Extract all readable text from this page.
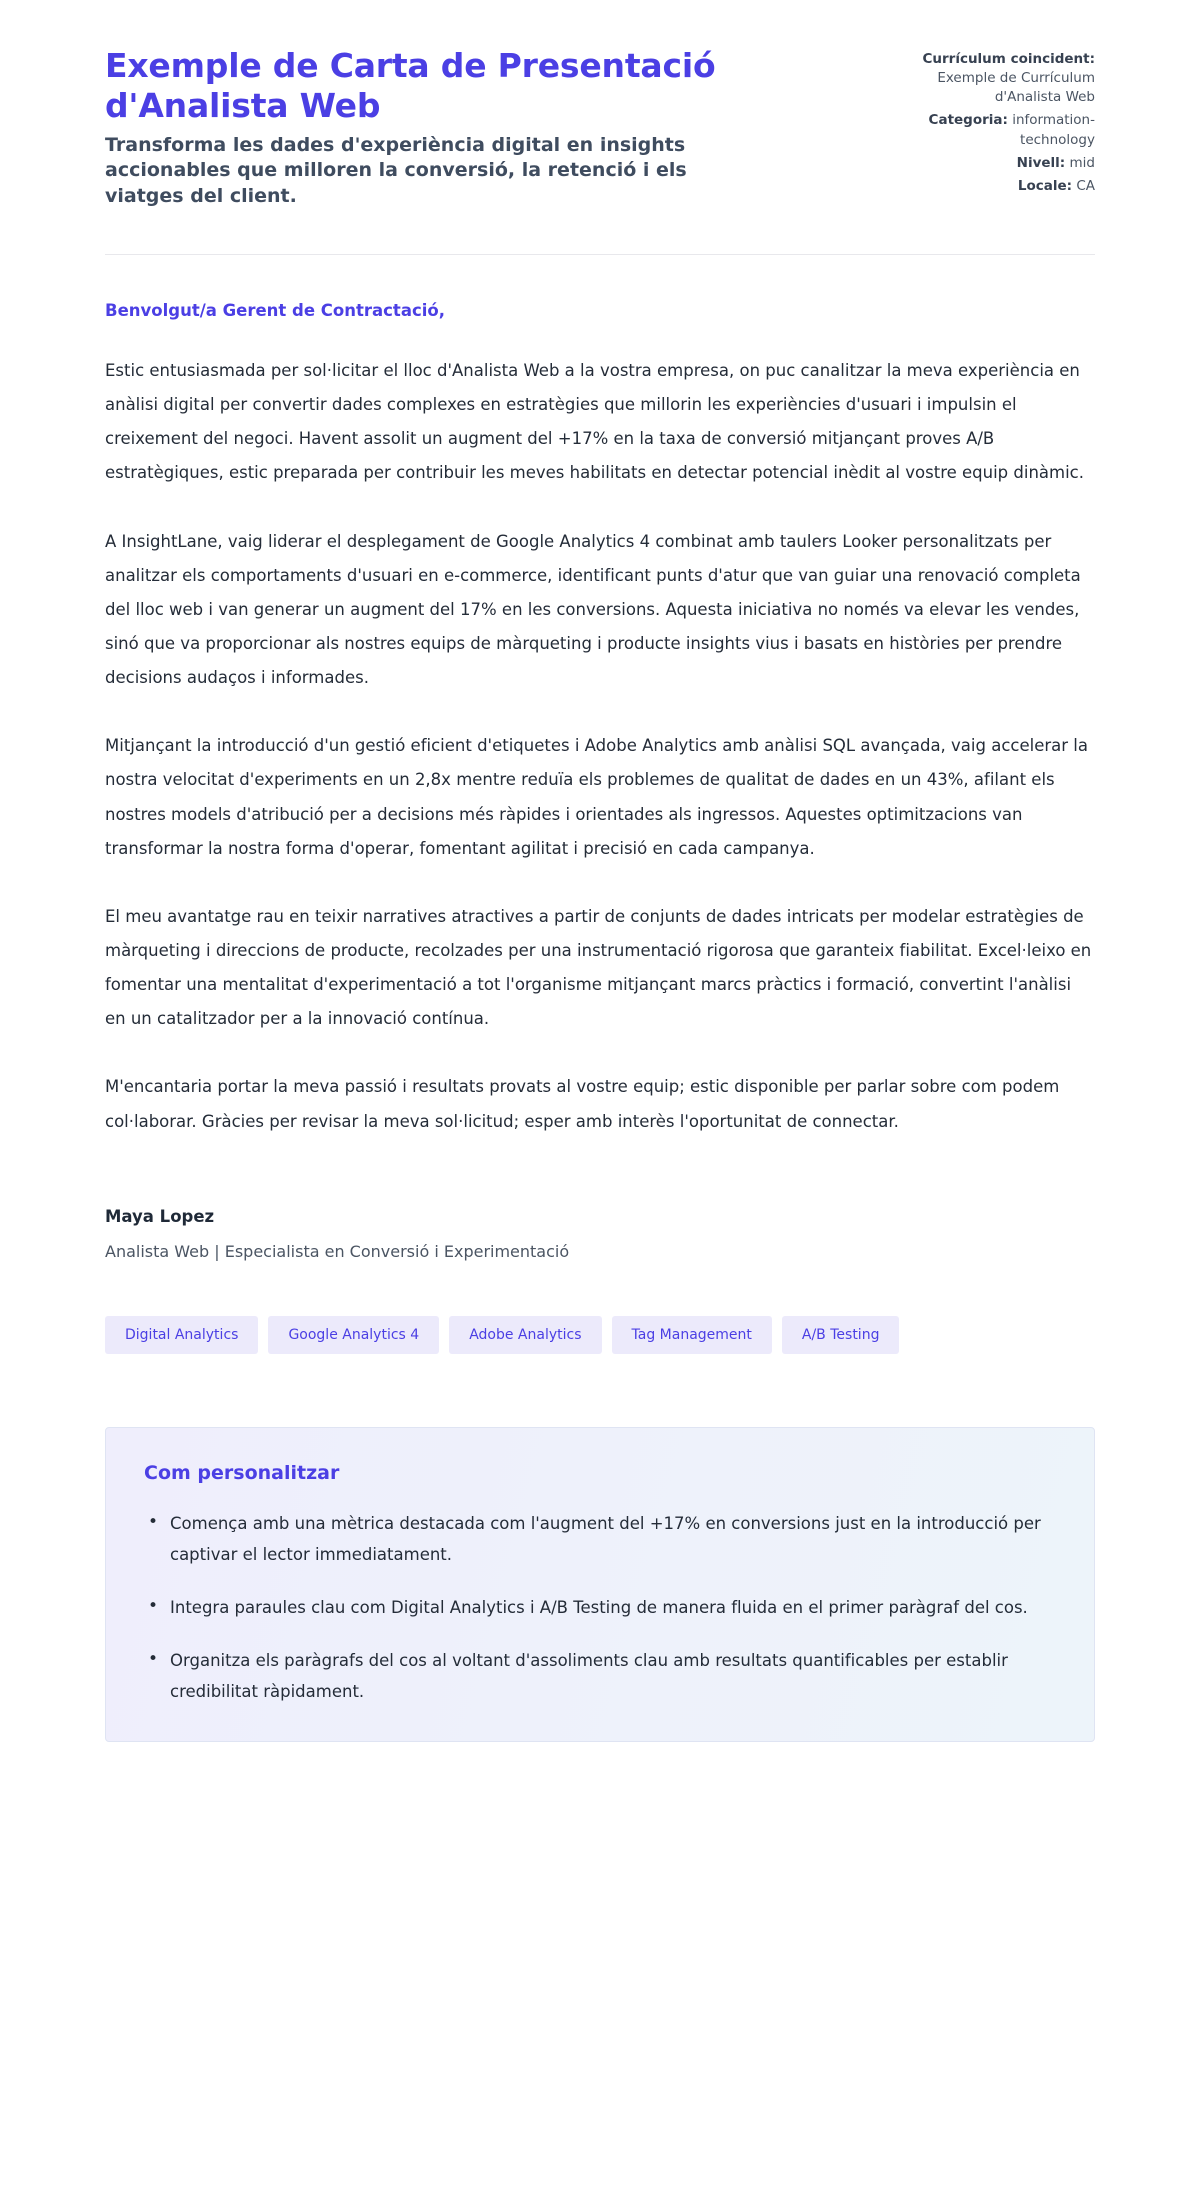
Exemple de Carta de Presentació d'Analista Web

Transforma les dades d'experiència digital en insights accionables que milloren la conversió, la retenció i els viatges del client.

Currículum coincident:
Exemple de Currículum d'Analista Web
Categoria: information-technology
Nivell: mid
Locale: CA

Benvolgut/a Gerent de Contractació,

Estic entusiasmada per sol·licitar el lloc d'Analista Web a la vostra empresa, on puc canalitzar la meva experiència en anàlisi digital per convertir dades complexes en estratègies que millorin les experiències d'usuari i impulsin el creixement del negoci. Havent assolit un augment del +17% en la taxa de conversió mitjançant proves A/B estratègiques, estic preparada per contribuir les meves habilitats en detectar potencial inèdit al vostre equip dinàmic.

A InsightLane, vaig liderar el desplegament de Google Analytics 4 combinat amb taulers Looker personalitzats per analitzar els comportaments d'usuari en e-commerce, identificant punts d'atur que van guiar una renovació completa del lloc web i van generar un augment del 17% en les conversions. Aquesta iniciativa no només va elevar les vendes, sinó que va proporcionar als nostres equips de màrqueting i producte insights vius i basats en històries per prendre decisions audaços i informades.

Mitjançant la introducció d'un gestió eficient d'etiquetes i Adobe Analytics amb anàlisi SQL avançada, vaig accelerar la nostra velocitat d'experiments en un 2,8x mentre reduïa els problemes de qualitat de dades en un 43%, afilant els nostres models d'atribució per a decisions més ràpides i orientades als ingressos. Aquestes optimitzacions van transformar la nostra forma d'operar, fomentant agilitat i precisió en cada campanya.

El meu avantatge rau en teixir narratives atractives a partir de conjunts de dades intricats per modelar estratègies de màrqueting i direccions de producte, recolzades per una instrumentació rigorosa que garanteix fiabilitat. Excel·leixo en fomentar una mentalitat d'experimentació a tot l'organisme mitjançant marcs pràctics i formació, convertint l'anàlisi en un catalitzador per a la innovació contínua.

M'encantaria portar la meva passió i resultats provats al vostre equip; estic disponible per parlar sobre com podem col·laborar. Gràcies per revisar la meva sol·licitud; esper amb interès l'oportunitat de connectar.

Maya Lopez

Analista Web | Especialista en Conversió i Experimentació

Digital Analytics	Google Analytics 4	Adobe Analytics	Tag Management	A/B Testing
Com personalitzar
• Comença amb una mètrica destacada com l'augment del +17% en conversions just en la introducció per captivar el lector immediatament.
• Integra paraules clau com Digital Analytics i A/B Testing de manera fluida en el primer paràgraf del cos.
• Organitza els paràgrafs del cos al voltant d'assoliments clau amb resultats quantificables per establir credibilitat ràpidament.
